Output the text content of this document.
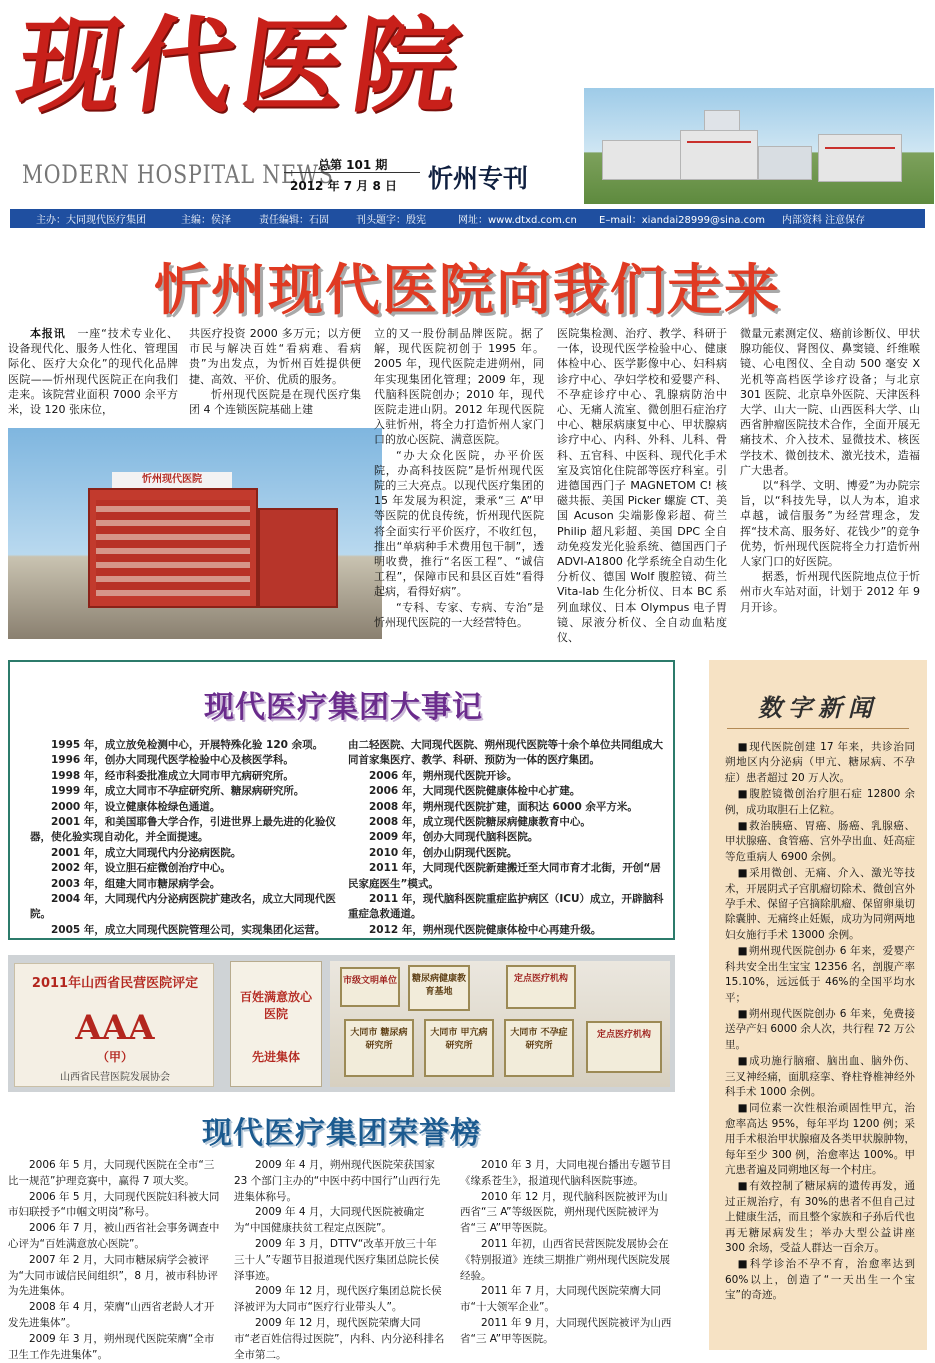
现代医院
MODERN HOSPITAL NEWS
总第 101 期
2012 年 7 月 8 日 忻州专刊
主办：大同现代医疗集团	主编：侯泽	责任编辑：石固	刊头题字：殷宪	网址：www.dtxd.com.cn E–mail：xiandai28999@sina.com 内部资料 注意保存
忻州现代医院向我们走来

本报讯　 一座“技术专业化、设备现代化、服务人性化、管理国际化、医疗大众化”的现代化品牌医院——忻州现代医院正在向我们走来。该院营业面积 7000 余平方米，设 120 张床位，

共医疗投资 2000 多万元；以方便市民与解决百姓“看病难、看病贵”为出发点，为忻州百姓提供便捷、高效、平价、优质的服务。

忻州现代医院是在现代医疗集团 4 个连锁医院基础上建

忻州现代医院

立的又一股份制品牌医院。据了解，现代医院初创于 1995 年。2005 年，现代医院走进朔州，同年实现集团化管理；2009 年，现代脑科医院创办；2010 年，现代医院走进山阴。2012 年现代医院入驻忻州，将全力打造忻州人家门口的放心医院、满意医院。

“办大众化医院，办平价医院，办高科技医院”是忻州现代医院的三大亮点。以现代医疗集团的 15 年发展为积淀，秉承“三 A”甲等医院的优良传统，忻州现代医院将全面实行平价医疗，不收红包，推出“单病种手术费用包干制”，透明收费，推行“名医工程”、“诚信工程”，保障市民和县区百姓“看得起病，看得好病”。

“专科、专家、专病、专治”是忻州现代医院的一大经营特色。

医院集检测、治疗、教学、科研于一体，设现代医学检验中心、健康体检中心、医学影像中心、妇科病诊疗中心、孕妇学校和爱婴产科、不孕症诊疗中心、乳腺病防治中心、无痛人流室、微创胆石症治疗中心、糖尿病康复中心、甲状腺病诊疗中心、内科、外科、儿科、骨科、五官科、中医科、现代化手术室及宾馆化住院部等医疗科室。引进德国西门子 MAGNETOM C! 核磁共振、美国 Picker 螺旋 CT、美国 Acuson 尖端影像彩超、荷兰 Philip 超凡彩超、美国 DPC 全自动免疫发光化验系统、德国西门子 ADVI-A1800 化学系统全自动生化分析仪、德国 Wolf 腹腔镜、荷兰 Vita-lab 生化分析仪、日本 BC 系列血球仪、日本 Olympus 电子胃镜、尿液分析仪、全自动血粘度仪、

微量元素测定仪、癌前诊断仪、甲状腺功能仪、肾图仪、鼻窦镜、纤维喉镜、心电图仪、全自动 500 毫安 X 光机等高档医学诊疗设备；与北京 301 医院、北京阜外医院、天津医科大学、山大一院、山西医科大学、山西省肿瘤医院技术合作，全面开展无痛技术、介入技术、显微技术、核医学技术、微创技术、激光技术，造福广大患者。

以“科学、文明、博爱”为办院宗旨，以“科技先导，以人为本，追求卓越，诚信服务”为经营理念，发挥“技术高、服务好、花钱少”的竞争优势，忻州现代医院将全力打造忻州人家门口的好医院。

据悉，忻州现代医院地点位于忻州市火车站对面，计划于 2012 年 9 月开诊。

现代医疗集团大事记

1995 年，成立放免检测中心，开展特殊化验 120 余项。

1996 年，创办大同现代医学检验中心及核医学科。

1998 年，经市科委批准成立大同市甲亢病研究所。

1999 年，成立大同市不孕症研究所、糖尿病研究所。

2000 年，设立健康体检绿色通道。

2001 年，和美国耶鲁大学合作，引进世界上最先进的化验仪器，使化验实现自动化，并全面提速。

2001 年，成立大同现代内分泌病医院。

2002 年，设立胆石症微创治疗中心。

2003 年，组建大同市糖尿病学会。

2004 年，大同现代内分泌病医院扩建改名，成立大同现代医院。

2005 年，成立大同现代医院管理公司，实现集团化运营。

由二轻医院、大同现代医院、朔州现代医院等十余个单位共同组成大同首家集医疗、教学、科研、预防为一体的医疗集团。

2006 年，朔州现代医院开诊。

2006 年，大同现代医院健康体检中心扩建。

2008 年，朔州现代医院扩建，面积达 6000 余平方米。

2008 年，成立现代医院糖尿病健康教育中心。

2009 年，创办大同现代脑科医院。

2010 年，创办山阴现代医院。

2011 年，大同现代医院新建搬迁至大同市育才北街，开创“居民家庭医生”模式。

2011 年，现代脑科医院重症监护病区（ICU）成立，开辟脑科重症急救通道。

2012 年，朔州现代医院健康体检中心再建升级。

2011年山西省民营医院评定
AAA
（甲）
山西省民营医院发展协会
百姓满意放心医院
先进集体
市级文明单位	糖尿病健康教育基地
定点医疗机构
大同市 糖尿病研究所
大同市 甲亢病研究所
大同市 不孕症研究所
定点医疗机构
现代医疗集团荣誉榜

2006 年 5 月，大同现代医院在全市“三比一规范”护理竞赛中，赢得 7 项大奖。

2006 年 5 月，大同现代医院妇科被大同市妇联授予“巾帼文明岗”称号。

2006 年 7 月，被山西省社会事务调查中心评为“百姓满意放心医院”。

2007 年 2 月，大同市糖尿病学会被评为“大同市诚信民间组织”，8 月，被市科协评为先进集体。

2008 年 4 月，荣膺“山西省老龄人才开发先进集体”。

2009 年 3 月，朔州现代医院荣膺“全市卫生工作先进集体”。

2009 年 4 月，朔州现代医院荣获国家 23 个部门主办的“中医中药中国行”山西行先进集体称号。

2009 年 4 月，大同现代医院被确定为“中国健康扶贫工程定点医院”。

2009 年 3 月，DTTV“改革开放三十年三十人”专题节目报道现代医疗集团总院长侯泽事迹。

2009 年 12 月，现代医疗集团总院长侯泽被评为大同市“医疗行业带头人”。

2009 年 12 月，现代医院荣膺大同市“老百姓信得过医院”，内科、内分泌科排名全市第二。

2010 年 3 月，大同电视台播出专题节目《缘系苍生》，报道现代脑科医院事迹。

2010 年 12 月，现代脑科医院被评为山西省“三 A”等级医院，朔州现代医院被评为省“三 A”甲等医院。

2011 年初，山西省民营医院发展协会在《特别报道》连续三期推广朔州现代医院发展经验。

2011 年 7 月，大同现代医院荣膺大同市“十大领军企业”。

2011 年 9 月，大同现代医院被评为山西省“三 A”甲等医院。

数字新闻

■ 现代医院创建 17 年来，共诊治同朔地区内分泌病（甲亢、糖尿病、不孕症）患者超过 20 万人次。

■ 腹腔镜微创治疗胆石症 12800 余例，成功取胆石上亿粒。

■ 救治胰癌、胃癌、肠癌、乳腺癌、甲状腺癌、食管癌、宫外孕出血、妊高症等危重病人 6900 余例。

■ 采用微创、无痛、介入、激光等技术，开展阴式子宫肌瘤切除术、微创宫外孕手术、保留子宫摘除肌瘤、保留卵巢切除囊肿、无痛终止妊娠，成功为同朔两地妇女施行手术 13000 余例。

■ 朔州现代医院创办 6 年来，爱婴产科共安全出生宝宝 12356 名，剖腹产率 15.10%，远远低于 46%的全国平均水平；

■ 朔州现代医院创办 6 年来，免费接送孕产妇 6000 余人次，共行程 72 万公里。

■ 成功施行脑瘤、脑出血、脑外伤、三叉神经痛，面肌痉挛、脊柱脊椎神经外科手术 1000 余例。

■ 同位素一次性根治顽固性甲亢，治愈率高达 95%，每年平均 1200 例；采用手术根治甲状腺瘤及各类甲状腺肿物，每年至少 300 例，治愈率达 100%。甲亢患者遍及同朔地区每一个村庄。

■ 有效控制了糖尿病的遗传再发，通过正规治疗，有 30%的患者不但自己过上健康生活，而且整个家族和子孙后代也再无糖尿病发生；举办大型公益讲座 300 余场，受益人群达一百余万。

■ 科学诊治不孕不育，治愈率达到 60%以上，创造了“一天出生一个宝宝”的奇迹。
